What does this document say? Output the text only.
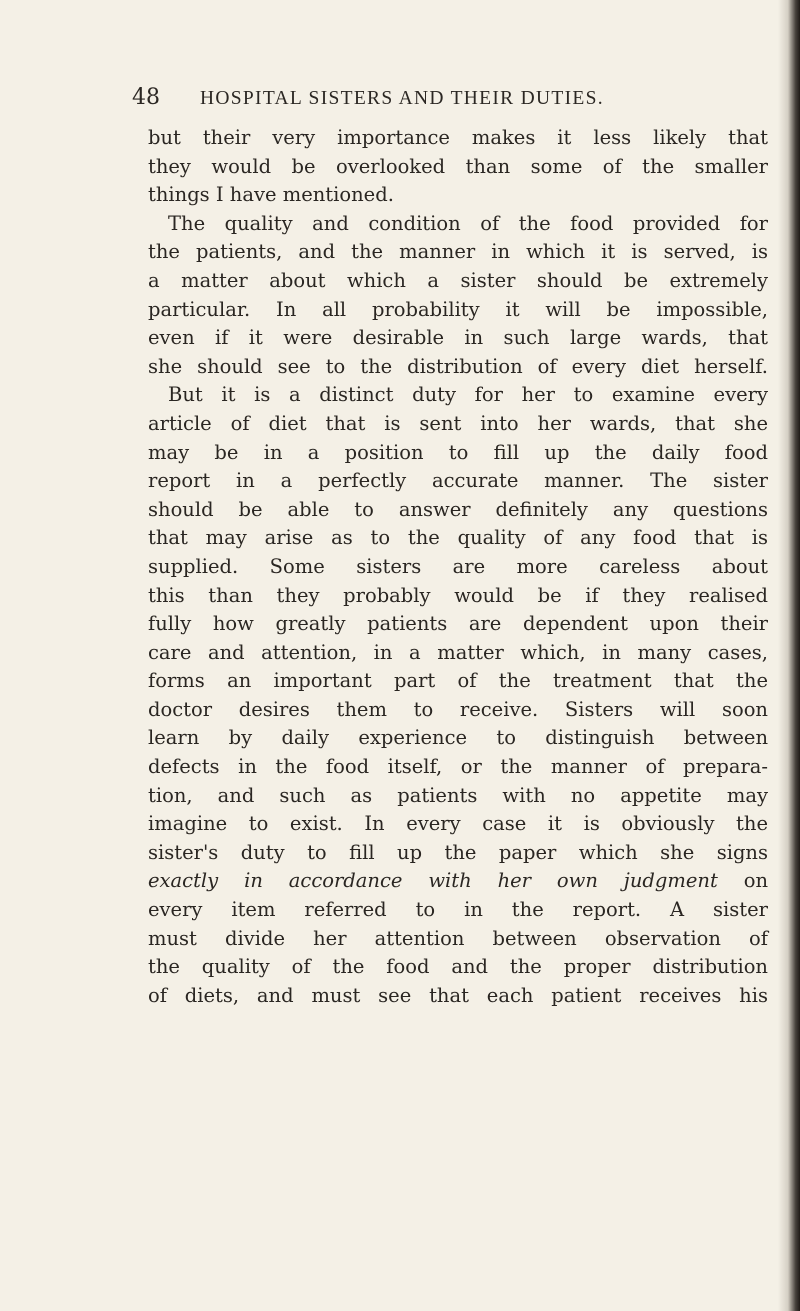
48 HOSPITAL SISTERS AND THEIR DUTIES.
but their very importance makes it less likely that
they would be overlooked than some of the smaller
things I have mentioned.
The quality and condition of the food provided for
the patients, and the manner in which it is served, is
a matter about which a sister should be extremely
particular. In all probability it will be impossible,
even if it were desirable in such large wards, that
she should see to the distribution of every diet herself.
But it is a distinct duty for her to examine every
article of diet that is sent into her wards, that she
may be in a position to fill up the daily food
report in a perfectly accurate manner. The sister
should be able to answer definitely any questions
that may arise as to the quality of any food that is
supplied. Some sisters are more careless about
this than they probably would be if they realised
fully how greatly patients are dependent upon their
care and attention, in a matter which, in many cases,
forms an important part of the treatment that the
doctor desires them to receive. Sisters will soon
learn by daily experience to distinguish between
defects in the food itself, or the manner of prepara-
tion, and such as patients with no appetite may
imagine to exist. In every case it is obviously the
sister's duty to fill up the paper which she signs
exactly in accordance with her own judgment on
every item referred to in the report. A sister
must divide her attention between observation of
the quality of the food and the proper distribution
of diets, and must see that each patient receives his
